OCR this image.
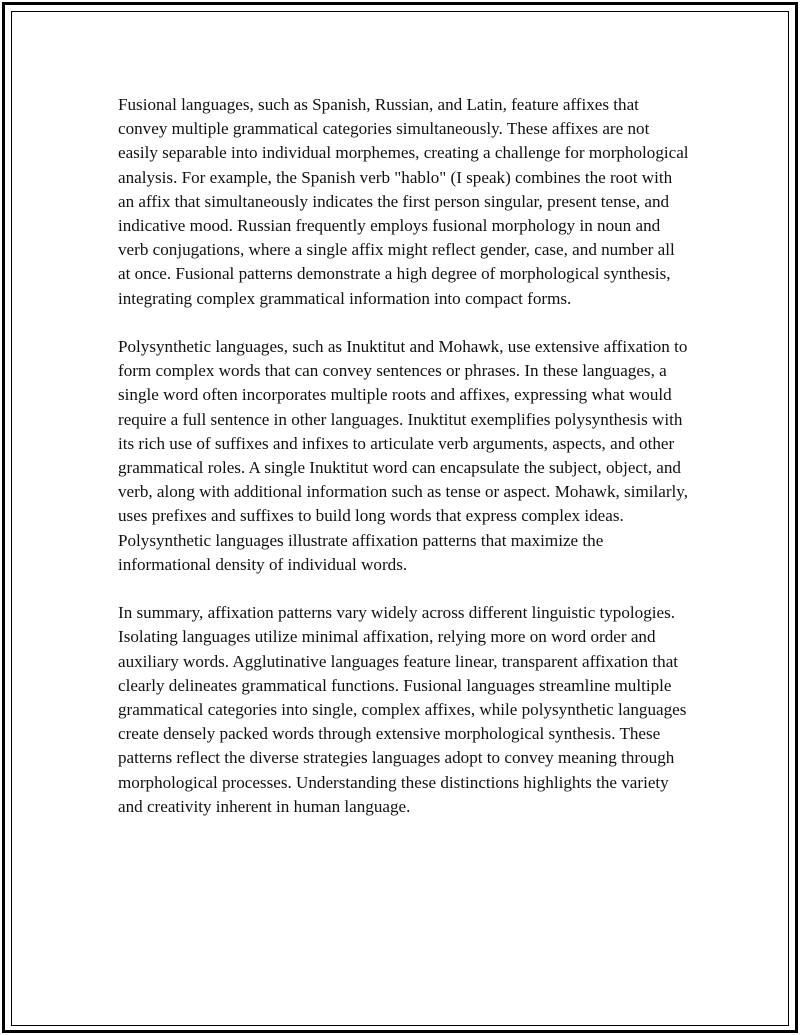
Fusional languages, such as Spanish, Russian, and Latin, feature affixes that convey multiple grammatical categories simultaneously. These affixes are not easily separable into individual morphemes, creating a challenge for morphological analysis. For example, the Spanish verb "hablo" (I speak) combines the root with an affix that simultaneously indicates the first person singular, present tense, and indicative mood. Russian frequently employs fusional morphology in noun and verb conjugations, where a single affix might reflect gender, case, and number all at once. Fusional patterns demonstrate a high degree of morphological synthesis, integrating complex grammatical information into compact forms.

Polysynthetic languages, such as Inuktitut and Mohawk, use extensive affixation to form complex words that can convey sentences or phrases. In these languages, a single word often incorporates multiple roots and affixes, expressing what would require a full sentence in other languages. Inuktitut exemplifies polysynthesis with its rich use of suffixes and infixes to articulate verb arguments, aspects, and other grammatical roles. A single Inuktitut word can encapsulate the subject, object, and verb, along with additional information such as tense or aspect. Mohawk, similarly, uses prefixes and suffixes to build long words that express complex ideas. Polysynthetic languages illustrate affixation patterns that maximize the informational density of individual words.

In summary, affixation patterns vary widely across different linguistic typologies. Isolating languages utilize minimal affixation, relying more on word order and auxiliary words. Agglutinative languages feature linear, transparent affixation that clearly delineates grammatical functions. Fusional languages streamline multiple grammatical categories into single, complex affixes, while polysynthetic languages create densely packed words through extensive morphological synthesis. These patterns reflect the diverse strategies languages adopt to convey meaning through morphological processes. Understanding these distinctions highlights the variety and creativity inherent in human language.
